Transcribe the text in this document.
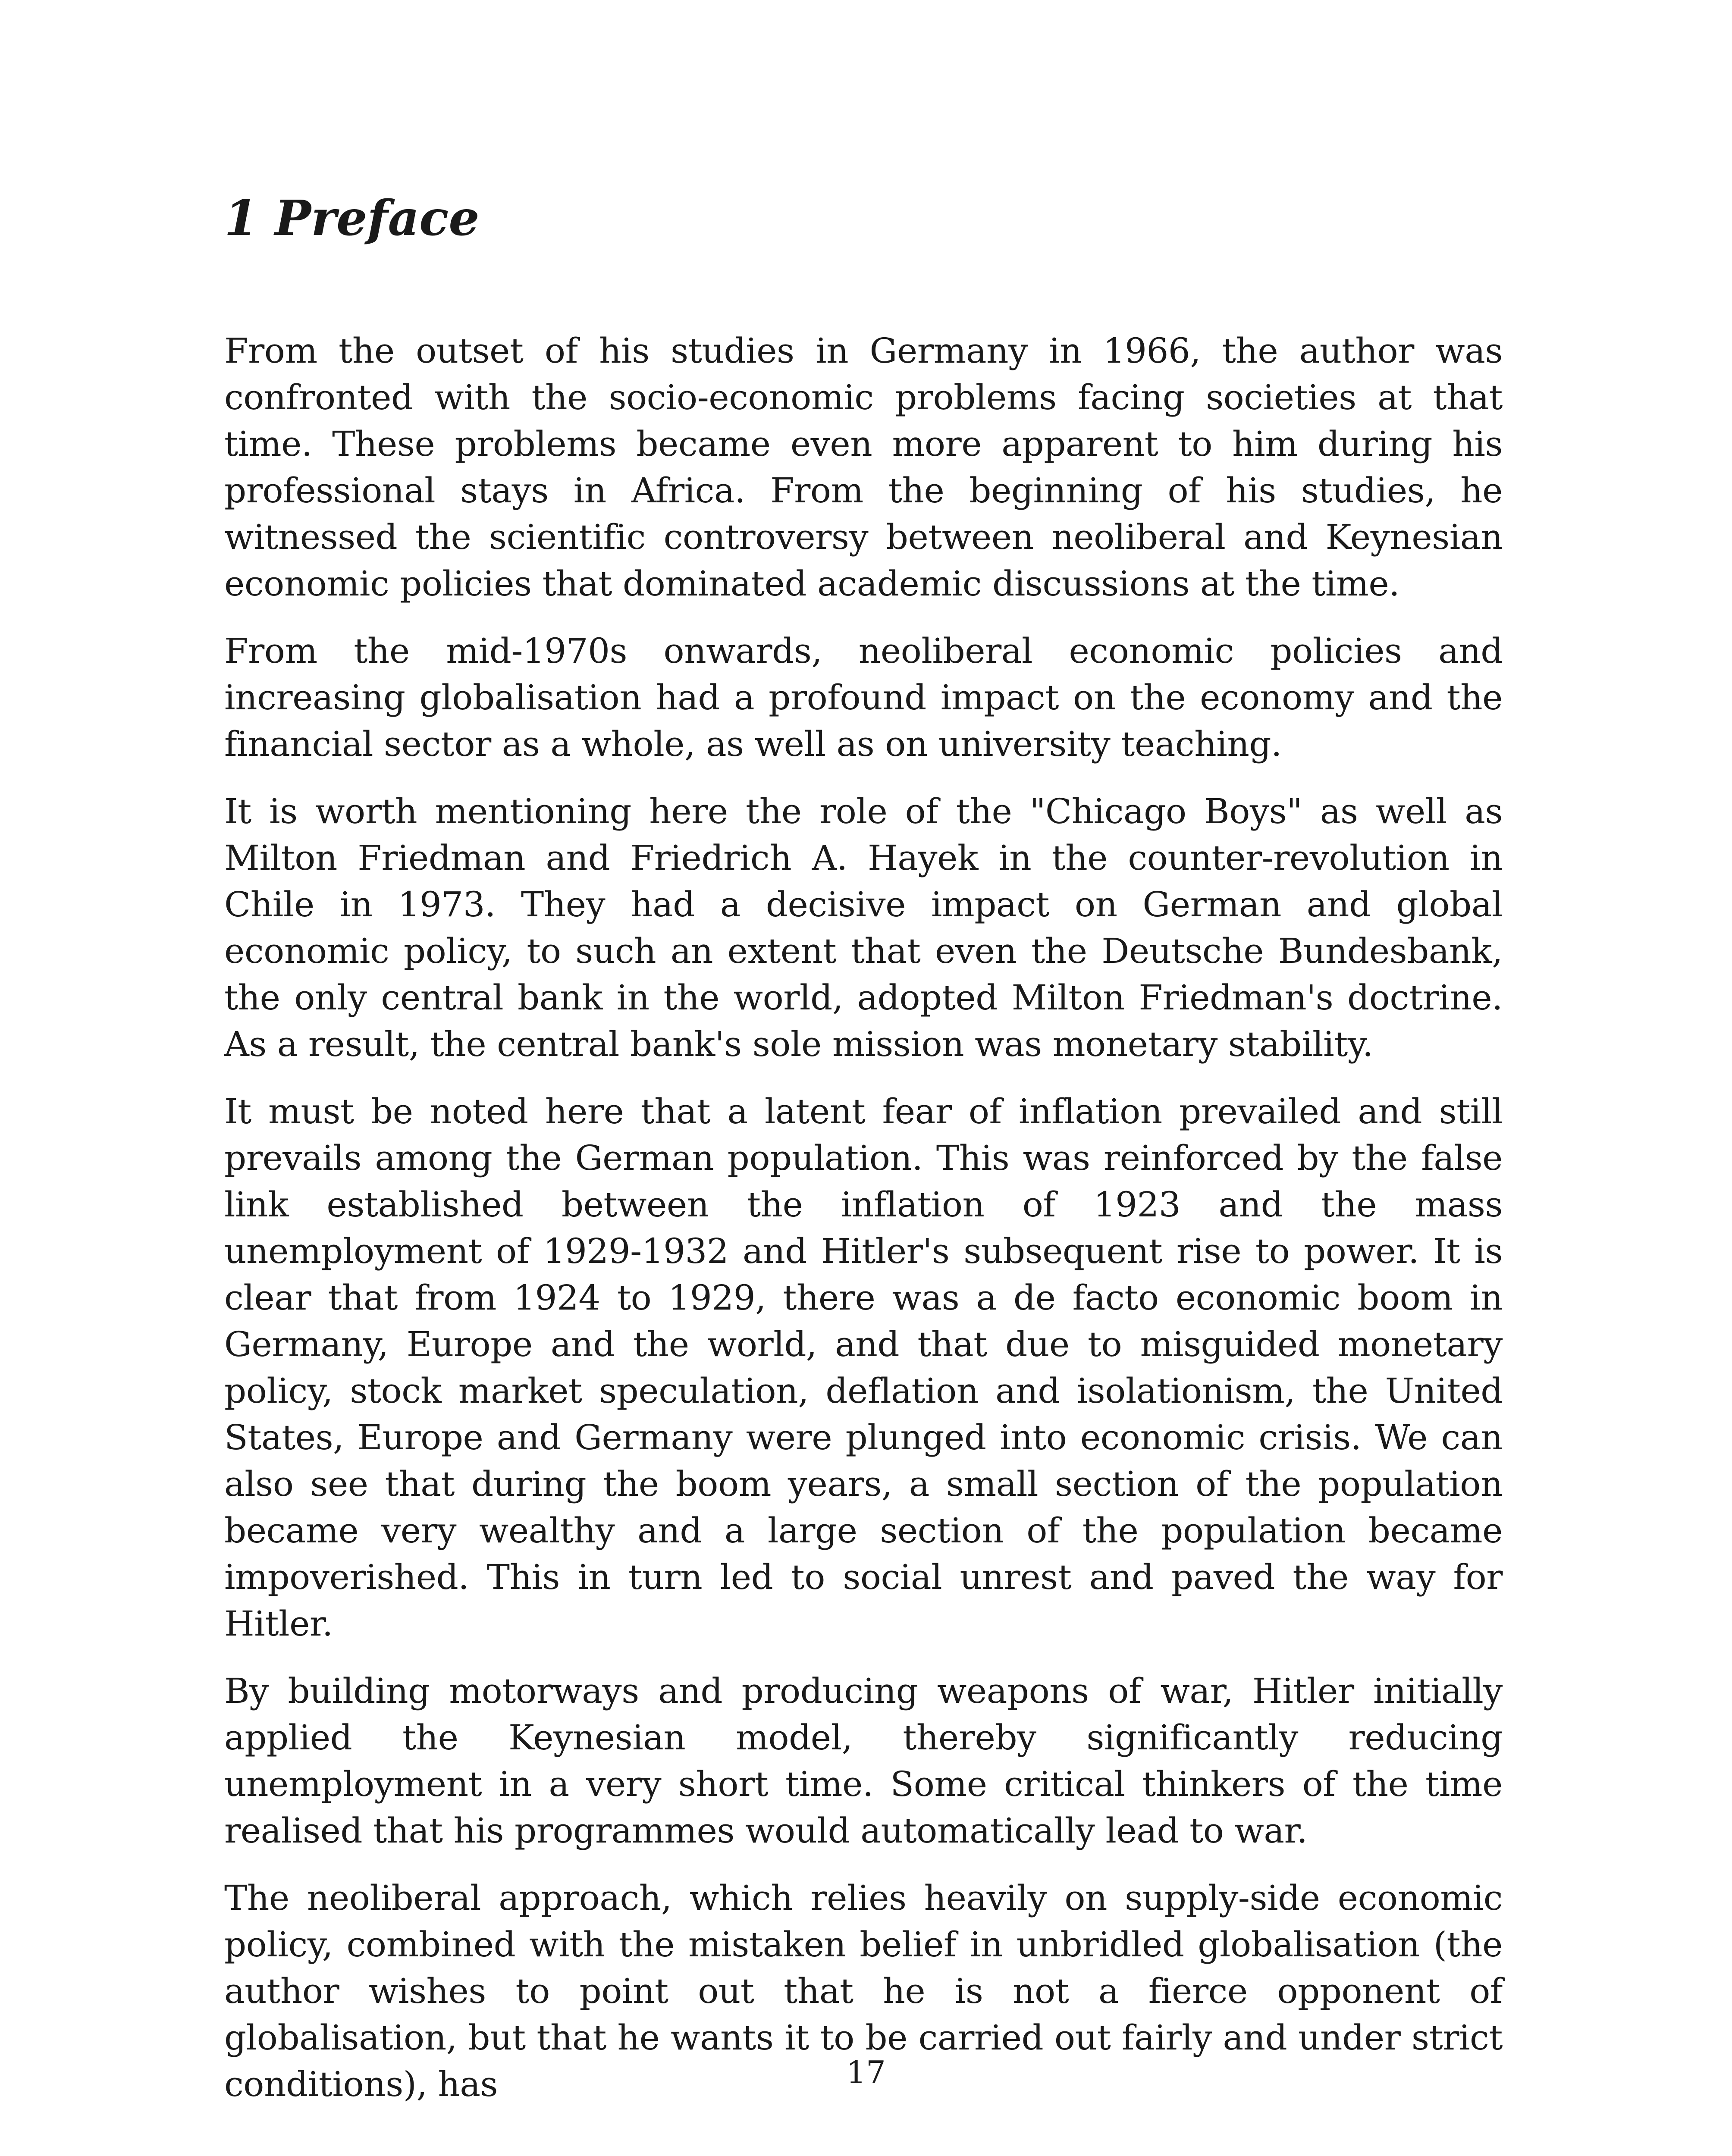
1 Preface

From the outset of his studies in Germany in 1966, the author was confronted with the socio-economic problems facing societies at that time. These problems became even more apparent to him during his professional stays in Africa. From the beginning of his studies, he witnessed the scientific controversy between neoliberal and Keynesian economic policies that dominated academic discussions at the time.

From the mid-1970s onwards, neoliberal economic policies and increasing globalisation had a profound impact on the economy and the financial sector as a whole, as well as on university teaching.

It is worth mentioning here the role of the "Chicago Boys" as well as Milton Friedman and Friedrich A. Hayek in the counter-revolution in Chile in 1973. They had a decisive impact on German and global economic policy, to such an extent that even the Deutsche Bundesbank, the only central bank in the world, adopted Milton Friedman's doctrine. As a result, the central bank's sole mission was monetary stability.

It must be noted here that a latent fear of inflation prevailed and still prevails among the German population. This was reinforced by the false link established between the inflation of 1923 and the mass unemployment of 1929-1932 and Hitler's subsequent rise to power. It is clear that from 1924 to 1929, there was a de facto economic boom in Germany, Europe and the world, and that due to misguided monetary policy, stock market speculation, deflation and isolationism, the United States, Europe and Germany were plunged into economic crisis. We can also see that during the boom years, a small section of the population became very wealthy and a large section of the population became impoverished. This in turn led to social unrest and paved the way for Hitler.

By building motorways and producing weapons of war, Hitler initially applied the Keynesian model, thereby significantly reducing unemployment in a very short time. Some critical thinkers of the time realised that his programmes would automatically lead to war.

The neoliberal approach, which relies heavily on supply-side economic policy, combined with the mistaken belief in unbridled globalisation (the author wishes to point out that he is not a fierce opponent of globalisation, but that he wants it to be carried out fairly and under strict conditions), has	17
